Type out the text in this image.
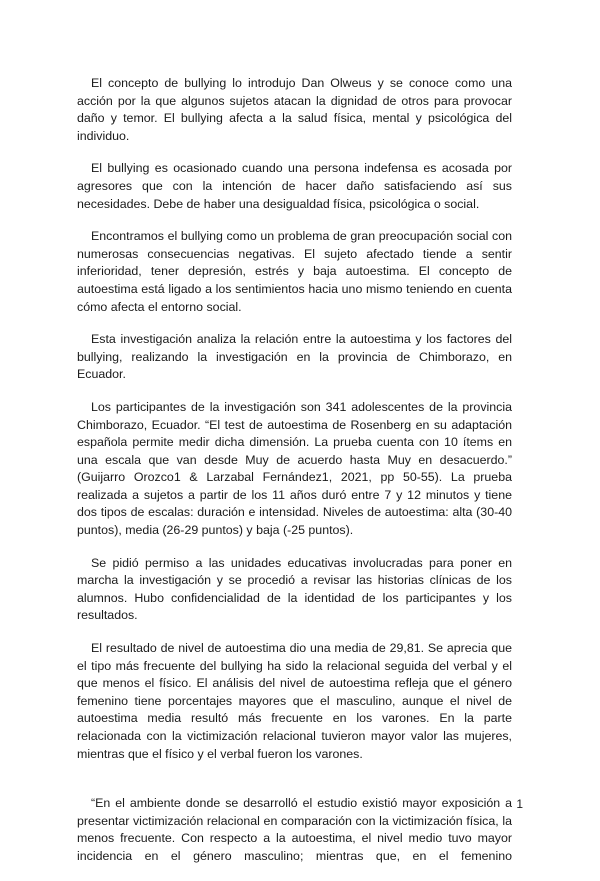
El concepto de bullying lo introdujo Dan Olweus y se conoce como una acción por la que algunos sujetos atacan la dignidad de otros para provocar daño y temor. El bullying afecta a la salud física, mental y psicológica del individuo.

El bullying es ocasionado cuando una persona indefensa es acosada por agresores que con la intención de hacer daño satisfaciendo así sus necesidades. Debe de haber una desigualdad física, psicológica o social.

Encontramos el bullying como un problema de gran preocupación social con numerosas consecuencias negativas. El sujeto afectado tiende a sentir inferioridad, tener depresión, estrés y baja autoestima. El concepto de autoestima está ligado a los sentimientos hacia uno mismo teniendo en cuenta cómo afecta el entorno social.

Esta investigación analiza la relación entre la autoestima y los factores del bullying, realizando la investigación en la provincia de Chimborazo, en Ecuador.

Los participantes de la investigación son 341 adolescentes de la provincia Chimborazo, Ecuador. “El test de autoestima de Rosenberg en su adaptación española permite medir dicha dimensión. La prueba cuenta con 10 ítems en una escala que van desde Muy de acuerdo hasta Muy en desacuerdo.” (Guijarro Orozco1 & Larzabal Fernández1, 2021, pp 50-55). La prueba realizada a sujetos a partir de los 11 años duró entre 7 y 12 minutos y tiene dos tipos de escalas: duración e intensidad. Niveles de autoestima: alta (30-40 puntos), media (26-29 puntos) y baja (-25 puntos).

Se pidió permiso a las unidades educativas involucradas para poner en marcha la investigación y se procedió a revisar las historias clínicas de los alumnos. Hubo confidencialidad de la identidad de los participantes y los resultados.

El resultado de nivel de autoestima dio una media de 29,81. Se aprecia que el tipo más frecuente del bullying ha sido la relacional seguida del verbal y el que menos el físico. El análisis del nivel de autoestima refleja que el género femenino tiene porcentajes mayores que el masculino, aunque el nivel de autoestima media resultó más frecuente en los varones. En la parte relacionada con la victimización relacional tuvieron mayor valor las mujeres, mientras que el físico y el verbal fueron los varones.

“En el ambiente donde se desarrolló el estudio existió mayor exposición a presentar victimización relacional en comparación con la victimización física, la menos frecuente. Con respecto a la autoestima, el nivel medio tuvo mayor incidencia en el género masculino; mientras que, en el femenino

1
